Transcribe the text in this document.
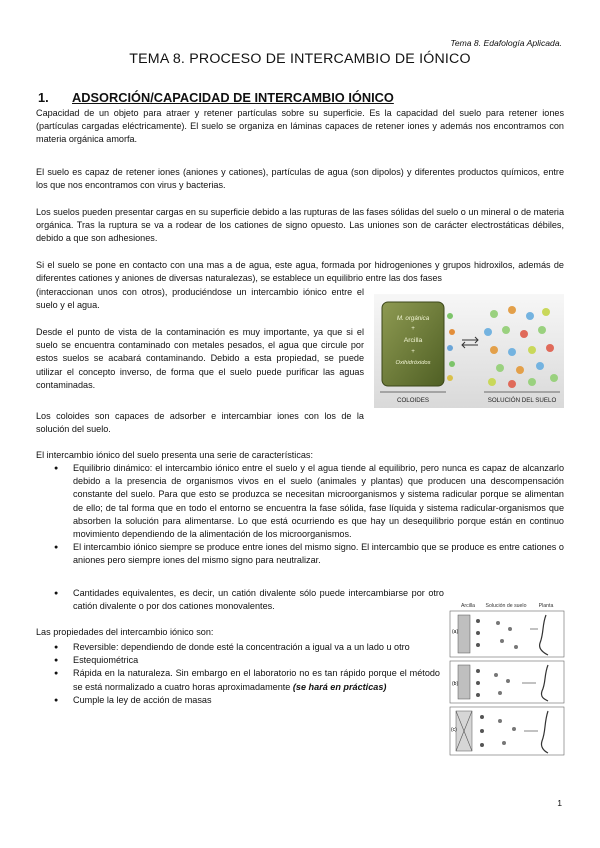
Tema 8. Edafología Aplicada.
TEMA 8. PROCESO DE INTERCAMBIO DE IÓNICO
1. ADSORCIÓN/CAPACIDAD DE INTERCAMBIO IÓNICO

Capacidad de un objeto para atraer y retener partículas sobre su superficie. Es la capacidad del suelo para retener iones (partículas cargadas eléctricamente). El suelo se organiza en láminas capaces de retener iones y además nos encontramos con materia orgánica amorfa.

El suelo es capaz de retener iones (aniones y cationes), partículas de agua (son dipolos) y diferentes productos químicos, entre los que nos encontramos con virus y bacterias.

Los suelos pueden presentar cargas en su superficie debido a las rupturas de las fases sólidas del suelo o un mineral o de materia orgánica. Tras la ruptura se va a rodear de los cationes de signo opuesto. Las uniones son de carácter electrostáticas débiles, debido a que son adhesiones.

Si el suelo se pone en contacto con una mas a de agua, este agua, formada por hidrogeniones y grupos hidroxilos, además de diferentes cationes y aniones de diversas naturalezas), se establece un equilibrio entre las dos fases

(interaccionan unos con otros), produciéndose un intercambio iónico entre el suelo y el agua.

Desde el punto de vista de la contaminación es muy importante, ya que si el suelo se encuentra contaminado con metales pesados, el agua que circule por estos suelos se acabará contaminando. Debido a esta propiedad, se puede utilizar el concepto inverso, de forma que el suelo puede purificar las aguas contaminadas.

Los coloides son capaces de adsorber e intercambiar iones con los de la solución del suelo.

El intercambio iónico del suelo presenta una serie de características:

● Equilibrio dinámico: el intercambio iónico entre el suelo y el agua tiende al equilibrio, pero nunca es capaz de alcanzarlo debido a la presencia de organismos vivos en el suelo (animales y plantas) que producen una descompensación constante del suelo. Para que esto se produzca se necesitan microorganismos y sistema radicular porque se alimentan de ello; de tal forma que en todo el entorno se encuentra la fase sólida, fase líquida y sistema radicular-organismos que absorben la solución para alimentarse. Lo que está ocurriendo es que hay un desequilibrio porque están en continuo movimiento dependiendo de la alimentación de los microorganismos.
● El intercambio iónico siempre se produce entre iones del mismo signo. El intercambio que se produce es entre cationes o aniones pero siempre iones del mismo signo para neutralizar.
● Cantidades equivalentes, es decir, un catión divalente sólo puede intercambiarse por otro catión divalente o por dos cationes monovalentes.

Las propiedades del intercambio iónico son:

● Reversible: dependiendo de donde esté la concentración a igual va a un lado u otro
● Estequiométrica
● Rápida en la naturaleza. Sin embargo en el laboratorio no es tan rápido porque el método se está normalizado a cuatro horas aproximadamente (se hará en prácticas)
● Cumple la ley de acción de masas
M. orgánica
+
Arcilla
+
Oxihidróxidos
COLOIDES	SOLUCIÓN DEL SUELO
Arcilla Solución de suelo Planta
(a)
(b)
(c)
1
